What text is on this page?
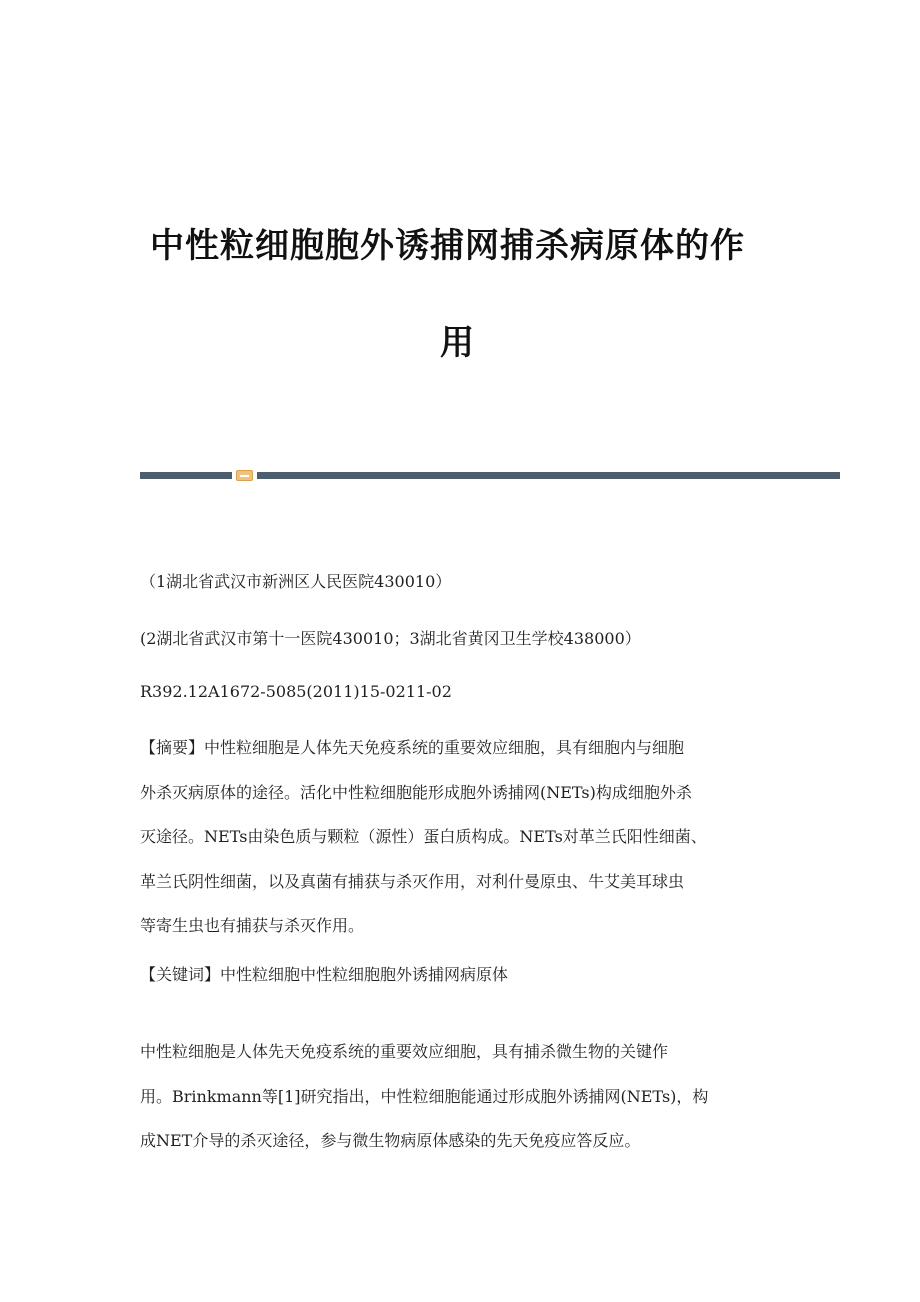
中性粒细胞胞外诱捕网捕杀病原体的作
用
（1湖北省武汉市新洲区人民医院430010）
(2湖北省武汉市第十一医院430010；3湖北省黄冈卫生学校438000）
R392.12A1672-5085(2011)15-0211-02
【摘要】中性粒细胞是人体先天免疫系统的重要效应细胞，具有细胞内与细胞
外杀灭病原体的途径。活化中性粒细胞能形成胞外诱捕网(NETs)构成细胞外杀
灭途径。NETs由染色质与颗粒（源性）蛋白质构成。NETs对革兰氏阳性细菌、
革兰氏阴性细菌，以及真菌有捕获与杀灭作用，对利什曼原虫、牛艾美耳球虫
等寄生虫也有捕获与杀灭作用。
【关键词】中性粒细胞中性粒细胞胞外诱捕网病原体
中性粒细胞是人体先天免疫系统的重要效应细胞，具有捕杀微生物的关键作
用。Brinkmann等[1]研究指出，中性粒细胞能通过形成胞外诱捕网(NETs)，构
成NET介导的杀灭途径，参与微生物病原体感染的先天免疫应答反应。
